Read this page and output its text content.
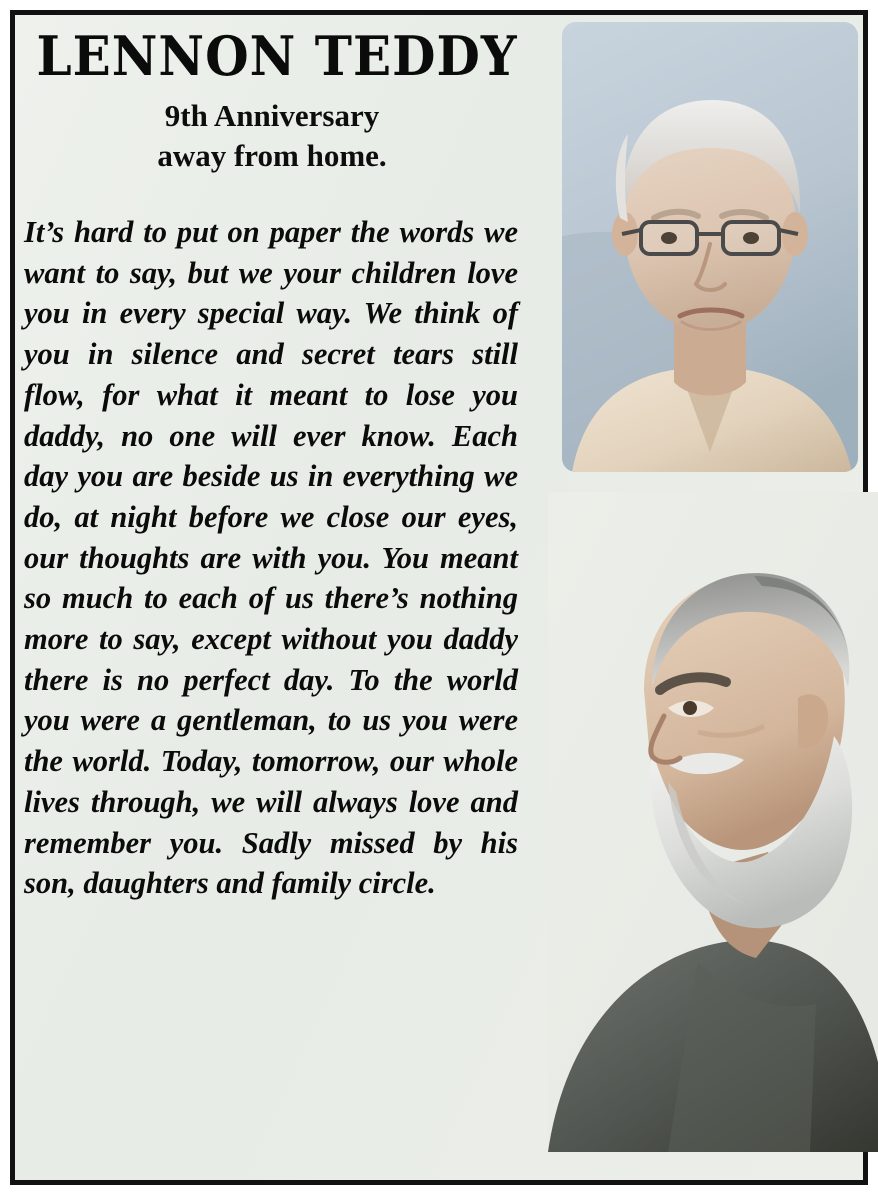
LENNON TEDDY
9th Anniversary
away from home.
It’s hard to put on paper the words we want to say, but we your children love you in every special way. We think of you in silence and secret tears still flow, for what it meant to lose you daddy, no one will ever know. Each day you are beside us in everything we do, at night before we close our eyes, our thoughts are with you. You meant so much to each of us there’s nothing more to say, except without you daddy there is no perfect day. To the world you were a gentleman, to us you were the world. Today, tomorrow, our whole lives through, we will always love and remember you. Sadly missed by his son, daughters and family circle.
